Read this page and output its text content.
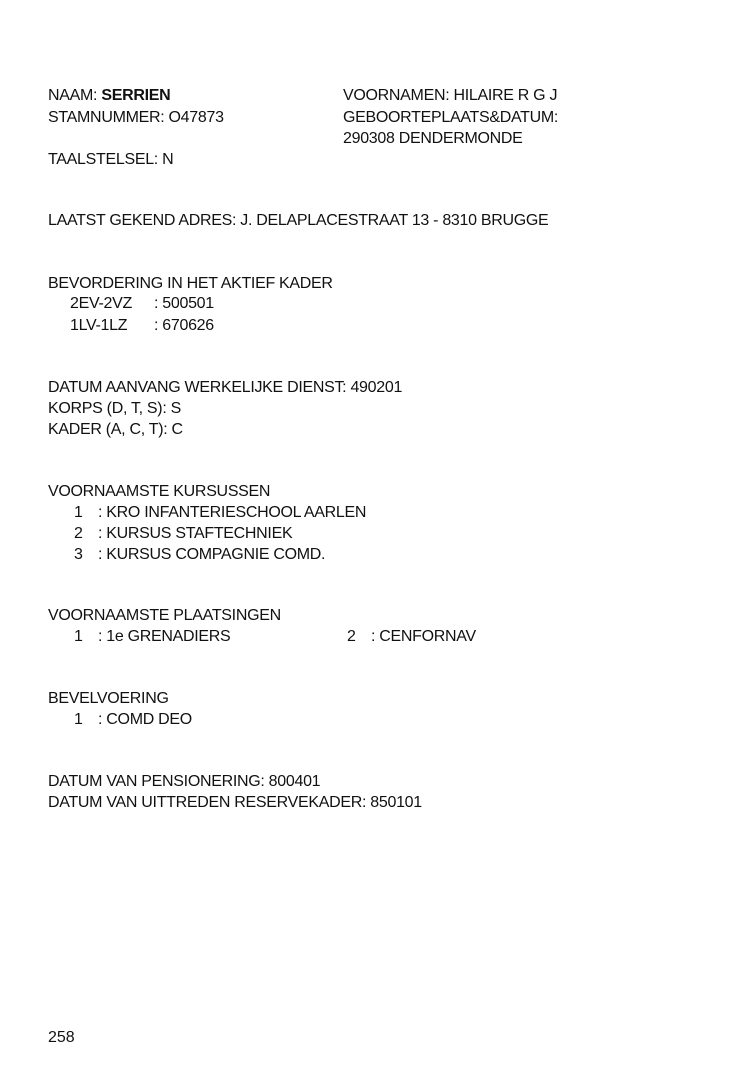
NAAM: SERRIEN
STAMNUMMER: O47873
TAALSTELSEL: N
VOORNAMEN: HILAIRE R G J
GEBOORTEPLAATS&DATUM:
290308 DENDERMONDE
LAATST GEKEND ADRES: J. DELAPLACESTRAAT 13 - 8310 BRUGGE
BEVORDERING IN HET AKTIEF KADER
2EV-2VZ : 500501
1LV-1LZ : 670626
DATUM AANVANG WERKELIJKE DIENST: 490201
KORPS (D, T, S): S
KADER (A, C, T): C
VOORNAAMSTE KURSUSSEN
1 : KRO INFANTERIESCHOOL AARLEN
2 : KURSUS STAFTECHNIEK
3 : KURSUS COMPAGNIE COMD.
VOORNAAMSTE PLAATSINGEN
1 : 1e GRENADIERS	2 : CENFORNAV
BEVELVOERING
1 : COMD DEO
DATUM VAN PENSIONERING: 800401
DATUM VAN UITTREDEN RESERVEKADER: 850101
258
